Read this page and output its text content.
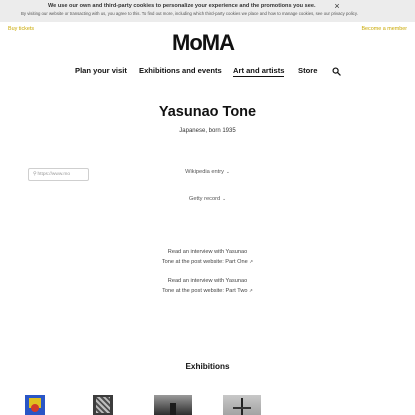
We use our own and third-party cookies to personalize your experience and the promotions you see. ×
By visiting our website or transacting with us, you agree to this. To find out more, including which third-party cookies we place and how to manage cookies, see our privacy policy.
Buy tickets	Become a member
MoMA
Plan your visit Exhibitions and events Art and artists Store
Yasunao Tone
Japanese, born 1935
⚲https://www.mo	Wikipedia entry ⌄
Getty record ⌄
Read an interview with Yasunao
Tone at the post website: Part One ↗
Read an interview with Yasunao
Tone at the post website: Part Two ↗
Exhibitions
